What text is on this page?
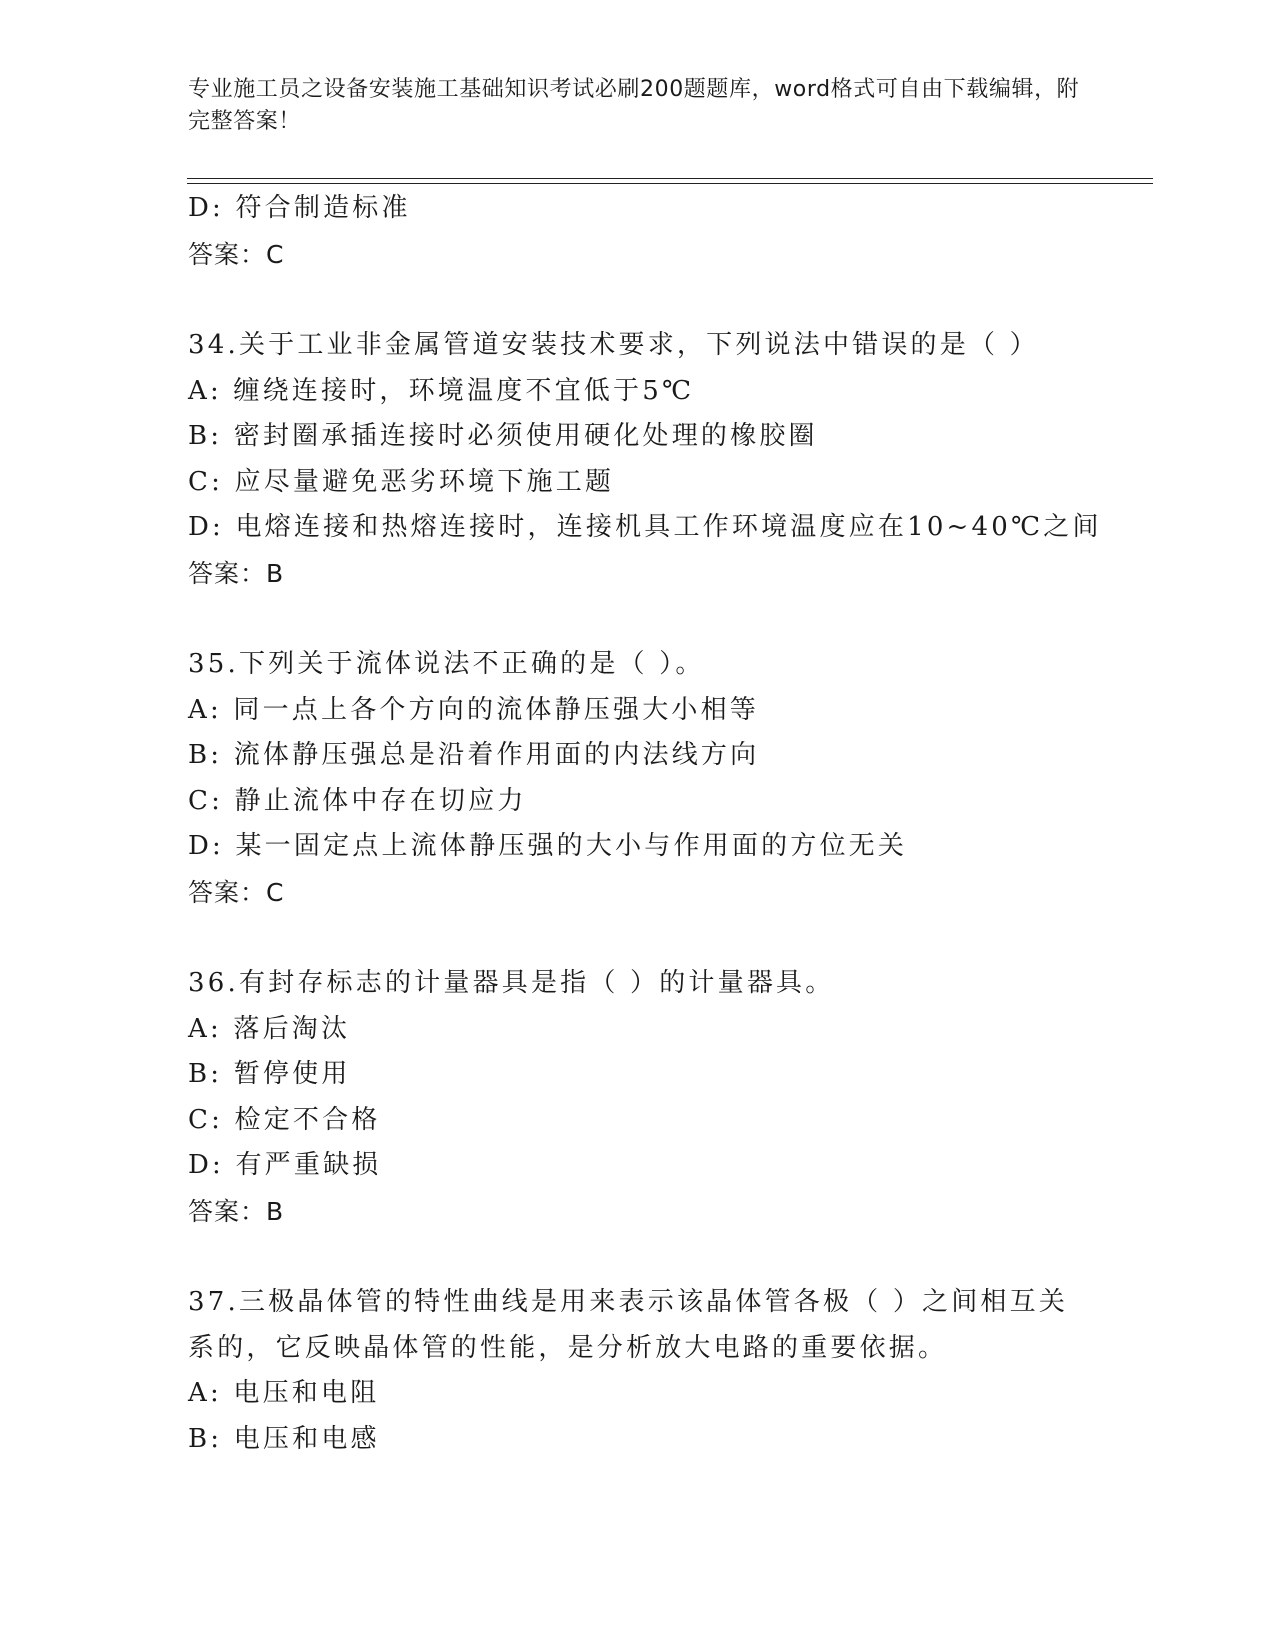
专业施工员之设备安装施工基础知识考试必刷200题题库，word格式可自由下载编辑，附完整答案！
D: 符合制造标准
答案：C
34.关于工业非金属管道安装技术要求，下列说法中错误的是（ ）
A: 缠绕连接时，环境温度不宜低于5℃
B: 密封圈承插连接时必须使用硬化处理的橡胶圈
C: 应尽量避免恶劣环境下施工题
D: 电熔连接和热熔连接时，连接机具工作环境温度应在10~40℃之间
答案：B
35.下列关于流体说法不正确的是（ ）。
A: 同一点上各个方向的流体静压强大小相等
B: 流体静压强总是沿着作用面的内法线方向
C: 静止流体中存在切应力
D: 某一固定点上流体静压强的大小与作用面的方位无关
答案：C
36.有封存标志的计量器具是指（ ）的计量器具。
A: 落后淘汰
B: 暂停使用
C: 检定不合格
D: 有严重缺损
答案：B
37.三极晶体管的特性曲线是用来表示该晶体管各极（ ）之间相互关
系的，它反映晶体管的性能，是分析放大电路的重要依据。
A: 电压和电阻
B: 电压和电感
